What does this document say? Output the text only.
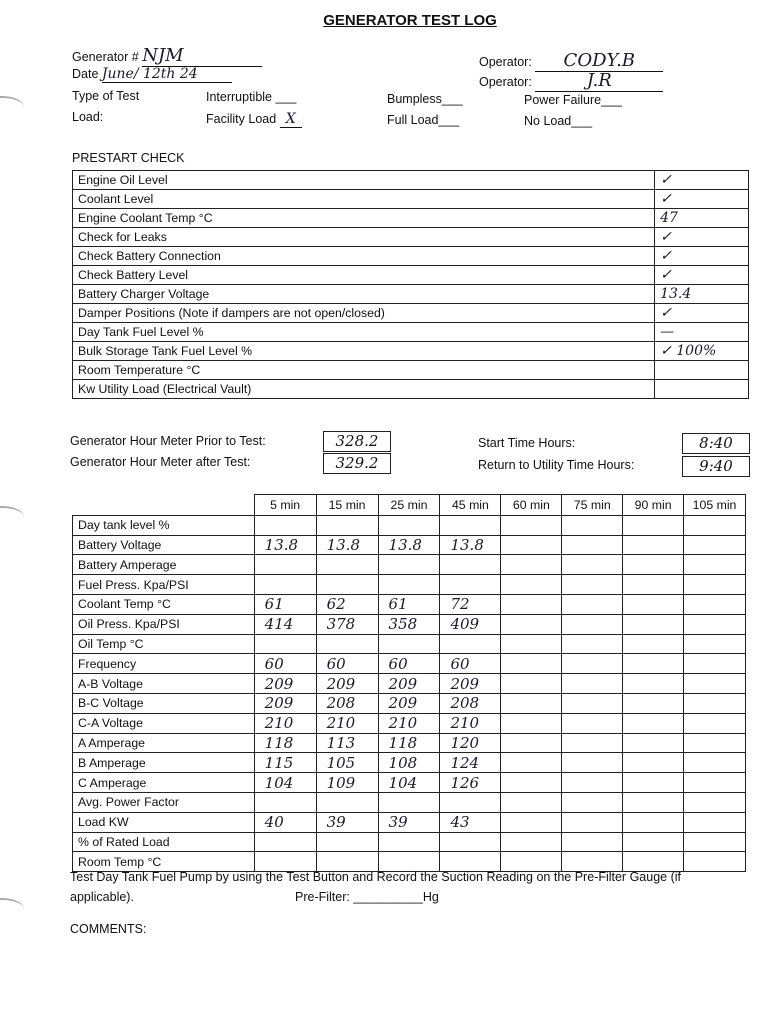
GENERATOR TEST LOG
Generator # NJM
Date June/ 12th 24
Operator: CODY.B
Operator:	J.R
Type of Test	Interruptible ___	Bumpless___	Power Failure___
Load:	Facility Load X	Full Load___	No Load___
PRESTART CHECK
Engine Oil Level	✓
Coolant Level	✓
Engine Coolant Temp °C	47
Check for Leaks	✓
Check Battery Connection	✓
Check Battery Level	✓
Battery Charger Voltage	13.4
Damper Positions (Note if dampers are not open/closed)	✓
Day Tank Fuel Level %	—
Bulk Storage Tank Fuel Level %	✓ 100%
Room Temperature °C	
Kw Utility Load (Electrical Vault)	
Generator Hour Meter Prior to Test:	328.2
Generator Hour Meter after Test:	329.2
Start Time Hours:	8:40
Return to Utility Time Hours:	9:40
	5 min	15 min	25 min	45 min	60 min	75 min	90 min	105 min
Day tank level %								
Battery Voltage	13.8	13.8	13.8	13.8				
Battery Amperage								
Fuel Press. Kpa/PSI								
Coolant Temp °C	61	62	61	72				
Oil Press. Kpa/PSI	414	378	358	409				
Oil Temp °C								
Frequency	60	60	60	60				
A-B Voltage	209	209	209	209				
B-C Voltage	209	208	209	208				
C-A Voltage	210	210	210	210				
A Amperage	118	113	118	120				
B Amperage	115	105	108	124				
C Amperage	104	109	104	126				
Avg. Power Factor								
Load KW	40	39	39	43				
% of Rated Load								
Room Temp °C								
Test Day Tank Fuel Pump by using the Test Button and Record the Suction Reading on the Pre-Filter Gauge (if
applicable).	Pre-Filter: __________Hg
COMMENTS:
